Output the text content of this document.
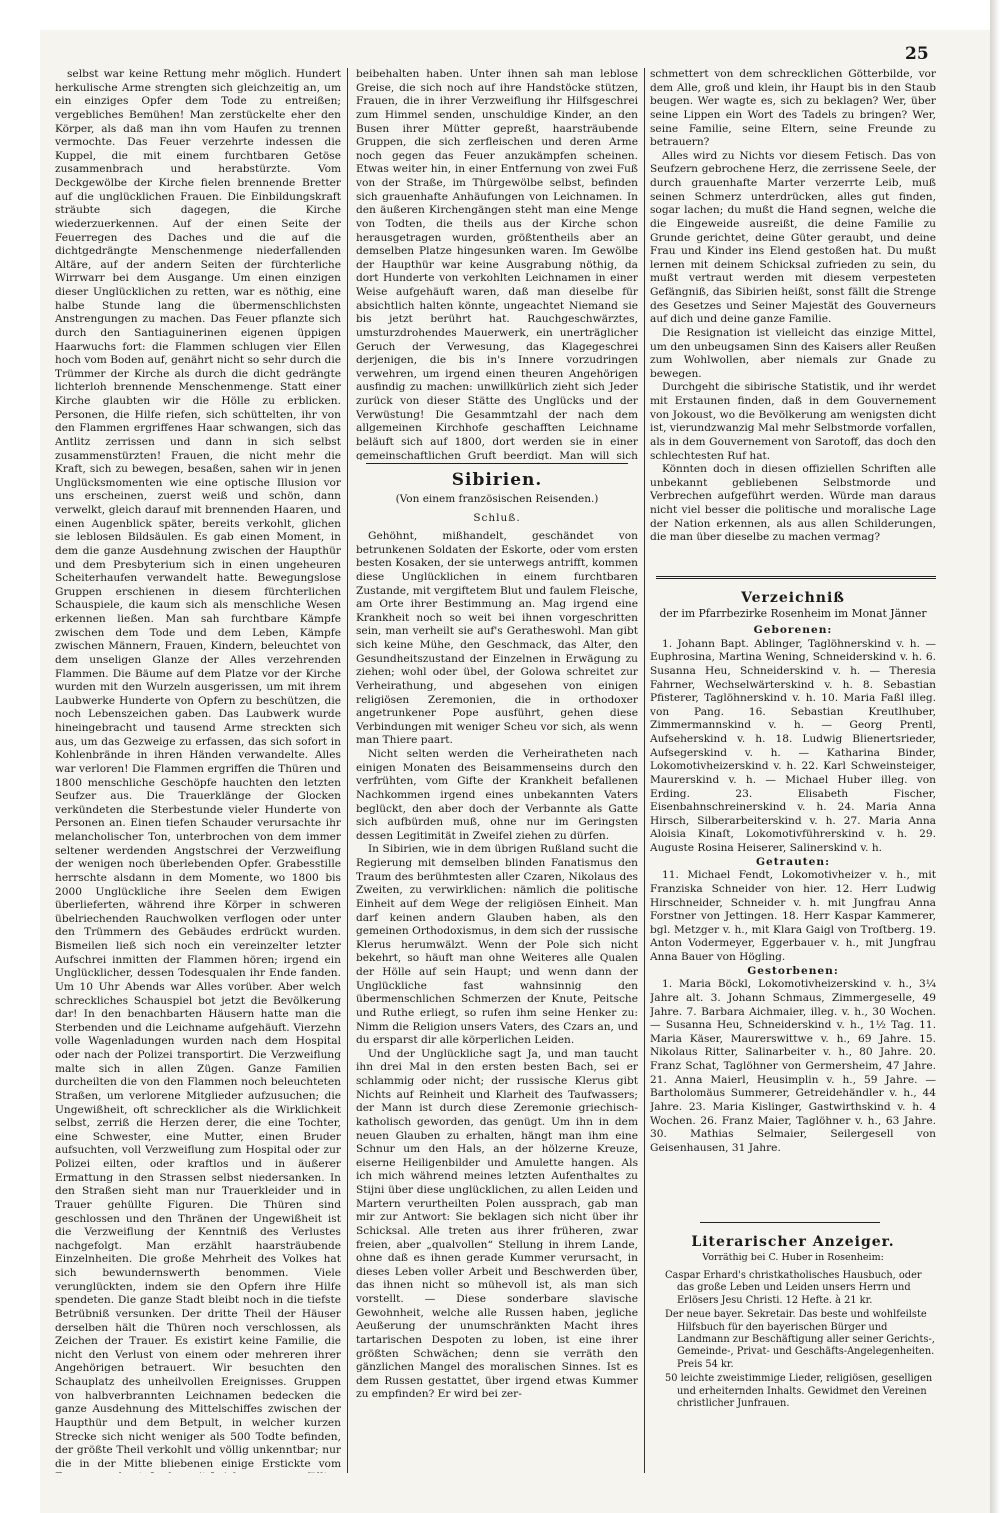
25

selbst war keine Rettung mehr möglich. Hundert herkulische Arme strengten sich gleichzeitig an, um ein einziges Opfer dem Tode zu entreißen; vergebliches Bemühen! Man zerstückelte eher den Körper, als daß man ihn vom Haufen zu trennen vermochte. Das Feuer verzehrte indessen die Kuppel, die mit einem furchtbaren Getöse zusammenbrach und herabstürzte. Vom Deckgewölbe der Kirche fielen brennende Bretter auf die unglücklichen Frauen. Die Einbildungskraft sträubte sich dagegen, die Kirche wiederzuerkennen. Auf der einen Seite der Feuerregen des Daches und die auf die dichtgedrängte Menschenmenge niederfallenden Altäre, auf der andern Seiten der fürchterliche Wirrwarr bei dem Ausgange. Um einen einzigen dieser Unglücklichen zu retten, war es nöthig, eine halbe Stunde lang die übermenschlichsten Anstrengungen zu machen. Das Feuer pflanzte sich durch den Santiaguinerinen eigenen üppigen Haarwuchs fort: die Flammen schlugen vier Ellen hoch vom Boden auf, genährt nicht so sehr durch die Trümmer der Kirche als durch die dicht gedrängte lichterloh brennende Menschenmenge. Statt einer Kirche glaubten wir die Hölle zu erblicken. Personen, die Hilfe riefen, sich schüttelten, ihr von den Flammen ergriffenes Haar schwangen, sich das Antlitz zerrissen und dann in sich selbst zusammenstürzten! Frauen, die nicht mehr die Kraft, sich zu bewegen, besaßen, sahen wir in jenen Unglücksmomenten wie eine optische Illusion vor uns erscheinen, zuerst weiß und schön, dann verwelkt, gleich darauf mit brennenden Haaren, und einen Augenblick später, bereits verkohlt, glichen sie leblosen Bildsäulen. Es gab einen Moment, in dem die ganze Ausdehnung zwischen der Haupthür und dem Presbyterium sich in einen ungeheuren Scheiterhaufen verwandelt hatte. Bewegungslose Gruppen erschienen in diesem fürchterlichen Schauspiele, die kaum sich als menschliche Wesen erkennen ließen. Man sah furchtbare Kämpfe zwischen dem Tode und dem Leben, Kämpfe zwischen Männern, Frauen, Kindern, beleuchtet von dem unseligen Glanze der Alles verzehrenden Flammen. Die Bäume auf dem Platze vor der Kirche wurden mit den Wurzeln ausgerissen, um mit ihrem Laubwerke Hunderte von Opfern zu beschützen, die noch Lebenszeichen gaben. Das Laubwerk wurde hineingebracht und tausend Arme streckten sich aus, um das Gezweige zu erfassen, das sich sofort in Kohlenbrände in ihren Händen verwandelte. Alles war verloren! Die Flammen ergriffen die Thüren und 1800 menschliche Geschöpfe hauchten den letzten Seufzer aus. Die Trauerklänge der Glocken verkündeten die Sterbestunde vieler Hunderte von Personen an. Einen tiefen Schauder verursachte ihr melancholischer Ton, unterbrochen von dem immer seltener werdenden Angstschrei der Verzweiflung der wenigen noch überlebenden Opfer. Grabesstille herrschte alsdann in dem Momente, wo 1800 bis 2000 Unglückliche ihre Seelen dem Ewigen überlieferten, während ihre Körper in schweren übelriechenden Rauchwolken verflogen oder unter den Trümmern des Gebäudes erdrückt wurden. Bismeilen ließ sich noch ein vereinzelter letzter Aufschrei inmitten der Flammen hören; irgend ein Unglücklicher, dessen Todesqualen ihr Ende fanden. Um 10 Uhr Abends war Alles vorüber. Aber welch schreckliches Schauspiel bot jetzt die Bevölkerung dar! In den benachbarten Häusern hatte man die Sterbenden und die Leichname aufgehäuft. Vierzehn volle Wagenladungen wurden nach dem Hospital oder nach der Polizei transportirt. Die Verzweiflung malte sich in allen Zügen. Ganze Familien durcheilten die von den Flammen noch beleuchteten Straßen, um verlorene Mitglieder aufzusuchen; die Ungewißheit, oft schrecklicher als die Wirklichkeit selbst, zerriß die Herzen derer, die eine Tochter, eine Schwester, eine Mutter, einen Bruder aufsuchten, voll Verzweiflung zum Hospital oder zur Polizei eilten, oder kraftlos und in äußerer Ermattung in den Strassen selbst niedersanken. In den Straßen sieht man nur Trauerkleider und in Trauer gehüllte Figuren. Die Thüren sind geschlossen und den Thränen der Ungewißheit ist die Verzweiflung der Kenntniß des Verlustes nachgefolgt. Man erzählt haarsträubende Einzelnheiten. Die große Mehrheit des Volkes hat sich bewundernswerth benommen. Viele verunglückten, indem sie den Opfern ihre Hilfe spendeten. Die ganze Stadt bleibt noch in die tiefste Betrübniß versunken. Der dritte Theil der Häuser derselben hält die Thüren noch verschlossen, als Zeichen der Trauer. Es existirt keine Familie, die nicht den Verlust von einem oder mehreren ihrer Angehörigen betrauert. Wir besuchten den Schauplatz des unheilvollen Ereignisses. Gruppen von halbverbrannten Leichnamen bedecken die ganze Ausdehnung des Mittelschiffes zwischen der Haupthür und dem Betpult, in welcher kurzen Strecke sich nicht weniger als 500 Todte befinden, der größte Theil verkohlt und völlig unkenntbar; nur die in der Mitte bliebenen einige Erstickte vom

beibehalten haben. Unter ihnen sah man leblose Greise, die sich noch auf ihre Handstöcke stützen, Frauen, die in ihrer Verzweiflung ihr Hilfsgeschrei zum Himmel senden, unschuldige Kinder, an den Busen ihrer Mütter gepreßt, haarsträubende Gruppen, die sich zerfleischen und deren Arme noch gegen das Feuer anzukämpfen scheinen. Etwas weiter hin, in einer Entfernung von zwei Fuß von der Straße, im Thürgewölbe selbst, befinden sich grauenhafte Anhäufungen von Leichnamen. In den äußeren Kirchengängen steht man eine Menge von Todten, die theils aus der Kirche schon herausgetragen wurden, größtentheils aber an demselben Platze hingesunken waren. Im Gewölbe der Haupthür war keine Ausgrabung nöthig, da dort Hunderte von verkohlten Leichnamen in einer Weise aufgehäuft waren, daß man dieselbe für absichtlich halten könnte, ungeachtet Niemand sie bis jetzt berührt hat. Rauchgeschwärztes, umsturzdrohendes Mauerwerk, ein unerträglicher Geruch der Verwesung, das Klagegeschrei derjenigen, die bis in's Innere vorzudringen verwehren, um irgend einen theuren Angehörigen ausfindig zu machen: unwillkürlich zieht sich Jeder zurück von dieser Stätte des Unglücks und der Verwüstung! Die Gesammtzahl der nach dem allgemeinen Kirchhofe geschafften Leichname beläuft sich auf 1800, dort werden sie in einer gemeinschaftlichen Gruft beerdigt. Man will sich

Sibirien.
(Von einem französischen Reisenden.)
Schluß.

Gehöhnt, mißhandelt, geschändet von betrunkenen Soldaten der Eskorte, oder vom ersten besten Kosaken, der sie unterwegs antrifft, kommen diese Unglücklichen in einem furchtbaren Zustande, mit vergiftetem Blut und faulem Fleische, am Orte ihrer Bestimmung an. Mag irgend eine Krankheit noch so weit bei ihnen vorgeschritten sein, man verheilt sie auf's Geratheswohl. Man gibt sich keine Mühe, den Geschmack, das Alter, den Gesundheitszustand der Einzelnen in Erwägung zu ziehen; wohl oder übel, der Golowa schreitet zur Verheirathung, und abgesehen von einigen religiösen Zeremonien, die in orthodoxer angetrunkener Pope ausführt, gehen diese Verbindungen mit weniger Scheu vor sich, als wenn man Thiere paart.

Nicht selten werden die Verheiratheten nach einigen Monaten des Beisammenseins durch den verfrühten, vom Gifte der Krankheit befallenen Nachkommen irgend eines unbekannten Vaters beglückt, den aber doch der Verbannte als Gatte sich aufbürden muß, ohne nur im Geringsten dessen Legitimität in Zweifel ziehen zu dürfen.

In Sibirien, wie in dem übrigen Rußland sucht die Regierung mit demselben blinden Fanatismus den Traum des berühmtesten aller Czaren, Nikolaus des Zweiten, zu verwirklichen: nämlich die politische Einheit auf dem Wege der religiösen Einheit. Man darf keinen andern Glauben haben, als den gemeinen Orthodoxismus, in dem sich der russische Klerus herumwälzt. Wenn der Pole sich nicht bekehrt, so häuft man ohne Weiteres alle Qualen der Hölle auf sein Haupt; und wenn dann der Unglückliche fast wahnsinnig den übermenschlichen Schmerzen der Knute, Peitsche und Ruthe erliegt, so rufen ihm seine Henker zu: Nimm die Religion unsers Vaters, des Czars an, und du ersparst dir alle körperlichen Leiden.

Und der Unglückliche sagt Ja, und man taucht ihn drei Mal in den ersten besten Bach, sei er schlammig oder nicht; der russische Klerus gibt Nichts auf Reinheit und Klarheit des Taufwassers; der Mann ist durch diese Zeremonie griechisch-katholisch geworden, das genügt. Um ihn in dem neuen Glauben zu erhalten, hängt man ihm eine Schnur um den Hals, an der hölzerne Kreuze, eiserne Heiligenbilder und Amulette hangen. Als ich mich während meines letzten Aufenthaltes zu Stijni über diese unglücklichen, zu allen Leiden und Martern verurtheilten Polen aussprach, gab man mir zur Antwort: Sie beklagen sich nicht über ihr Schicksal. Alle treten aus ihrer früheren, zwar freien, aber „qualvollen“ Stellung in ihrem Lande, ohne daß es ihnen gerade Kummer verursacht, in dieses Leben voller Arbeit und Beschwerden über, das ihnen nicht so mühevoll ist, als man sich vorstellt. — Diese sonderbare slavische Gewohnheit, welche alle Russen haben, jegliche Aeußerung der unumschränkten Macht ihres tartarischen Despoten zu loben, ist eine ihrer größten Schwächen; denn sie verräth den gänzlichen Mangel des moralischen Sinnes. Ist es dem Russen gestattet, über irgend etwas Kummer zu empfinden? Er wird bei zer-

schmettert von dem schrecklichen Götterbilde, vor dem Alle, groß und klein, ihr Haupt bis in den Staub beugen. Wer wagte es, sich zu beklagen? Wer, über seine Lippen ein Wort des Tadels zu bringen? Wer, seine Familie, seine Eltern, seine Freunde zu betrauern?

Alles wird zu Nichts vor diesem Fetisch. Das von Seufzern gebrochene Herz, die zerrissene Seele, der durch grauenhafte Marter verzerrte Leib, muß seinen Schmerz unterdrücken, alles gut finden, sogar lachen; du mußt die Hand segnen, welche die die Eingeweide ausreißt, die deine Familie zu Grunde gerichtet, deine Güter geraubt, und deine Frau und Kinder ins Elend gestoßen hat. Du mußt lernen mit deinem Schicksal zufrieden zu sein, du mußt vertraut werden mit diesem verpesteten Gefängniß, das Sibirien heißt, sonst fällt die Strenge des Gesetzes und Seiner Majestät des Gouverneurs auf dich und deine ganze Familie.

Die Resignation ist vielleicht das einzige Mittel, um den unbeugsamen Sinn des Kaisers aller Reußen zum Wohlwollen, aber niemals zur Gnade zu bewegen.

Durchgeht die sibirische Statistik, und ihr werdet mit Erstaunen finden, daß in dem Gouvernement von Jokoust, wo die Bevölkerung am wenigsten dicht ist, vierundzwanzig Mal mehr Selbstmorde vorfallen, als in dem Gouvernement von Sarotoff, das doch den schlechtesten Ruf hat.

Könnten doch in diesen offiziellen Schriften alle unbekannt gebliebenen Selbstmorde und Verbrechen aufgeführt werden. Würde man daraus nicht viel besser die politische und moralische Lage der Nation erkennen, als aus allen Schilderungen, die man über dieselbe zu machen vermag?

Verzeichniß
der im Pfarrbezirke Rosenheim im Monat Jänner

Geborenen:

1. Johann Bapt. Ablinger, Taglöhnerskind v. h. — Euphrosina, Martina Wening, Schneiderskind v. h. 6. Susanna Heu, Schneiderskind v. h. — Theresia Fahrner, Wechselwärterskind v. h. 8. Sebastian Pfisterer, Taglöhnerskind v. h. 10. Maria Faßl illeg. von Pang. 16. Sebastian Kreutlhuber, Zimmermannskind v. h. — Georg Prentl, Aufseherskind v. h. 18. Ludwig Blienertsrieder, Aufsegerskind v. h. — Katharina Binder, Lokomotivheizerskind v. h. 22. Karl Schweinsteiger, Maurerskind v. h. — Michael Huber illeg. von Erding. 23. Elisabeth Fischer, Eisenbahnschreinerskind v. h. 24. Maria Anna Hirsch, Silberarbeiterskind v. h. 27. Maria Anna Aloisia Kinaſt, Lokomotivführerskind v. h. 29. Auguste Rosina Heiserer, Salinerskind v. h.

Getrauten:

11. Michael Fendt, Lokomotivheizer v. h., mit Franziska Schneider von hier. 12. Herr Ludwig Hirschneider, Schneider v. h. mit Jungfrau Anna Forstner von Jettingen. 18. Herr Kaspar Kammerer, bgl. Metzger v. h., mit Klara Gaigl von Troſtberg. 19. Anton Vodermeyer, Eggerbauer v. h., mit Jungfrau Anna Bauer von Högling.

Gestorbenen:

1. Maria Böckl, Lokomotivheizerskind v. h., 3¼ Jahre alt. 3. Johann Schmaus, Zimmergeselle, 49 Jahre. 7. Barbara Aichmaier, illeg. v. h., 30 Wochen. — Susanna Heu, Schneiderskind v. h., 1½ Tag. 11. Maria Käser, Maurerswittwe v. h., 69 Jahre. 15. Nikolaus Ritter, Salinarbeiter v. h., 80 Jahre. 20. Franz Schat, Taglöhner von Germersheim, 47 Jahre. 21. Anna Maierl, Heusimplin v. h., 59 Jahre. — Bartholomäus Summerer, Getreidehändler v. h., 44 Jahre. 23. Maria Kislinger, Gastwirthskind v. h. 4 Wochen. 26. Franz Maier, Taglöhner v. h., 63 Jahre. 30. Mathias Selmaier, Seilergesell von Geisenhausen, 31 Jahre.

Literarischer Anzeiger.
Vorräthig bei C. Huber in Rosenheim:

Caspar Erhard's christkatholisches Hausbuch, oder das große Leben und Leiden unsers Herrn und Erlösers Jesu Christi. 12 Hefte. à 21 kr.

Der neue bayer. Sekretair. Das beste und wohlfeilste Hilfsbuch für den bayerischen Bürger und Landmann zur Beschäftigung aller seiner Gerichts-, Gemeinde-, Privat- und Geschäfts-Angelegenheiten. Preis 54 kr.

50 leichte zweistimmige Lieder, religiösen, geselligen und erheiternden Inhalts. Gewidmet den Vereinen christlicher Junfrauen.
